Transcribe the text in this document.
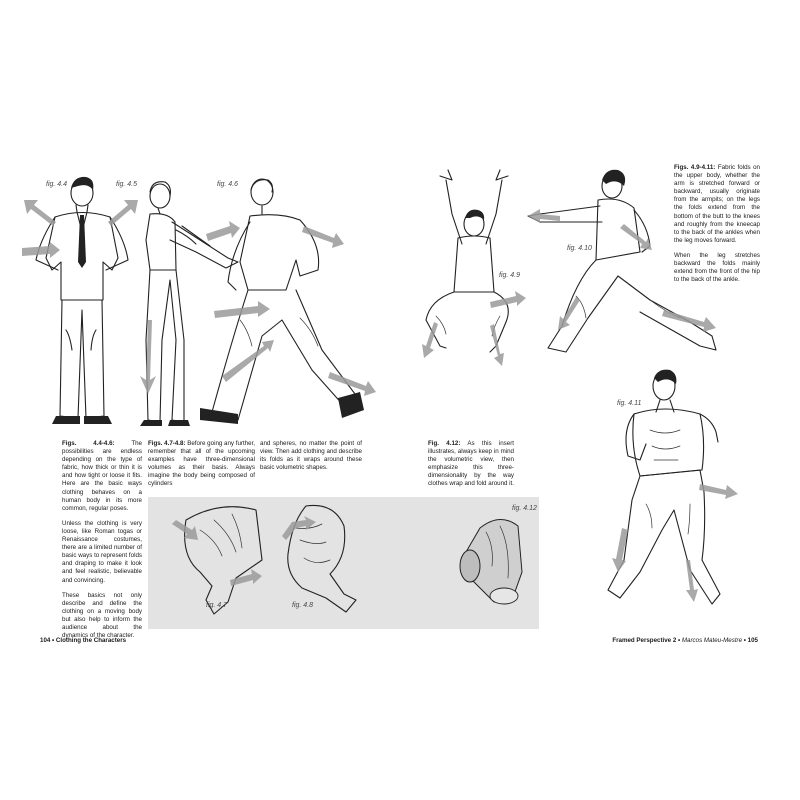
fig. 4.4	fig. 4.5	fig. 4.6
fig. 4.9
fig. 4.10
fig. 4.11
fig. 4.7	fig. 4.8
fig. 4.12

Figs. 4.4-4.6: The possibilities are endless depending on the type of fabric, how thick or thin it is and how tight or loose it fits. Here are the basic ways clothing behaves on a human body in its more common, regular poses.

Unless the clothing is very loose, like Roman togas or Renaissance costumes, there are a limited number of basic ways to represent folds and draping to make it look and feel realistic, believable and convincing.

These basics not only describe and define the clothing on a moving body but also help to inform the audience about the dynamics of the character.

Figs. 4.7-4.8: Before going any further, remember that all of the upcoming examples have three-dimensional volumes as their basis. Always imagine the body being composed of cylinders

and spheres, no matter the point of view. Then add clothing and describe its folds as it wraps around these basic volumetric shapes.

Fig. 4.12: As this insert illustrates, always keep in mind the volumetric view, then emphasize this three-dimensionality by the way clothes wrap and fold around it.

Figs. 4.9-4.11: Fabric folds on the upper body, whether the arm is stretched forward or backward, usually originate from the armpits; on the legs the folds extend from the bottom of the butt to the knees and roughly from the kneecap to the back of the ankles when the leg moves forward.

When the leg stretches backward the folds mainly extend from the front of the hip to the back of the ankle.

104 • Clothing the Characters	Framed Perspective 2 • Marcos Mateu-Mestre • 105
